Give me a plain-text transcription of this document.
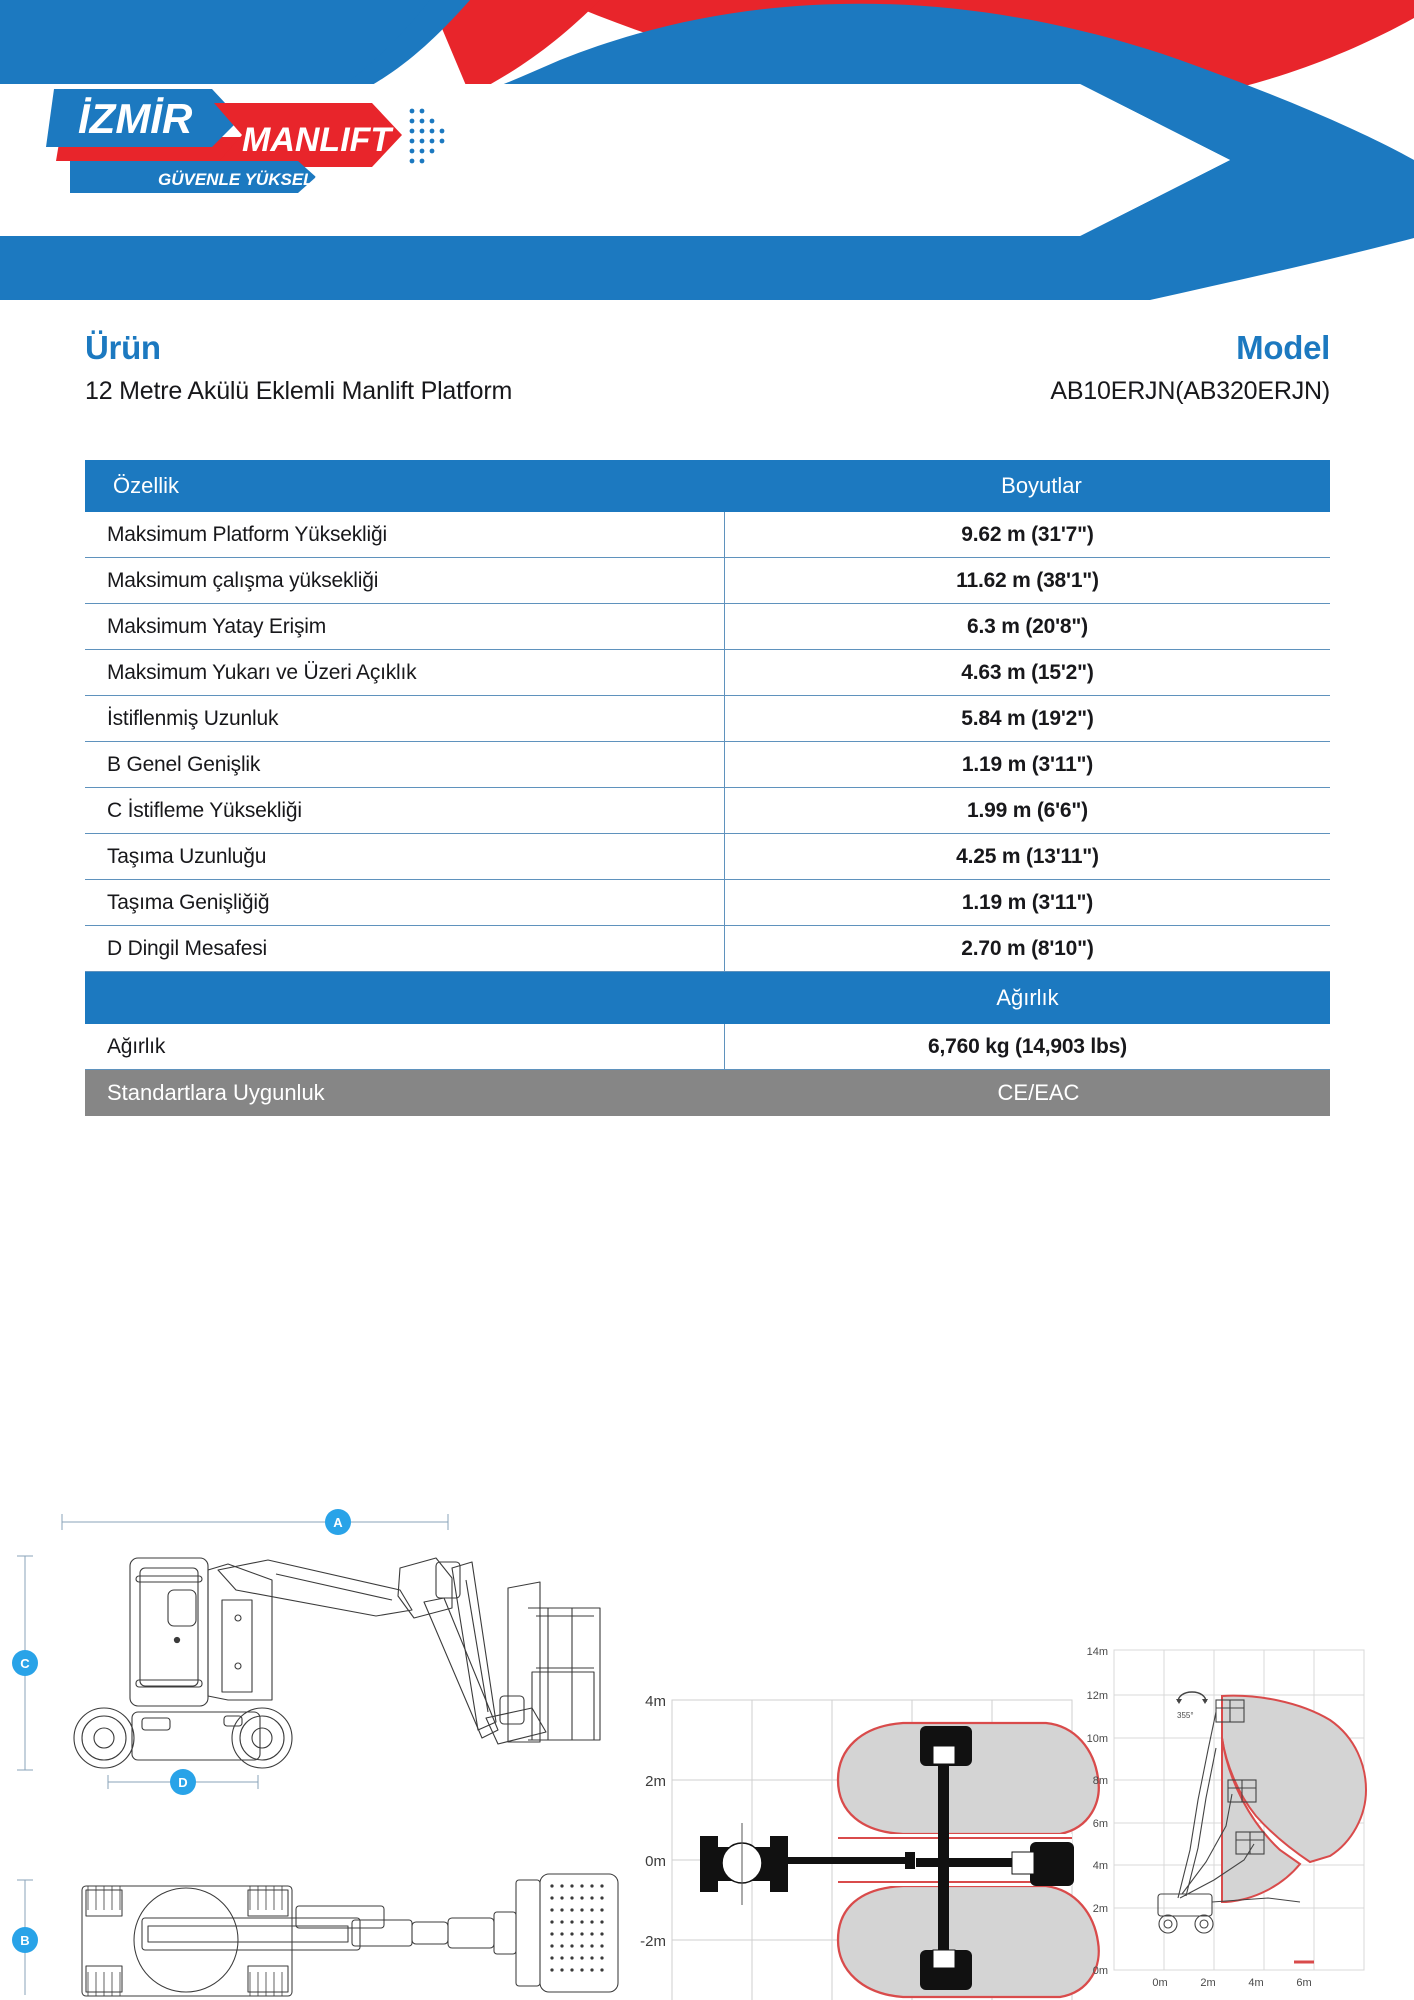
İZMİR MANLIFT
GÜVENLE YÜKSELİN
Ürün
12 Metre Akülü Eklemli Manlift Platform
Model
AB10ERJN(AB320ERJN)
Özellik	Boyutlar
Maksimum Platform Yüksekliği	9.62 m (31'7")
Maksimum çalışma yüksekliği	11.62 m (38'1")
Maksimum Yatay Erişim	6.3 m (20'8")
Maksimum Yukarı ve Üzeri Açıklık	4.63 m (15'2")
İstiflenmiş Uzunluk	5.84 m (19'2")
B Genel Genişlik	1.19 m (3'11")
C İstifleme Yüksekliği	1.99 m (6'6")
Taşıma Uzunluğu	4.25 m (13'11")
Taşıma Genişliğiğ	1.19 m (3'11")
D Dingil Mesafesi	2.70 m (8'10")
Ağırlık
Ağırlık	6,760 kg (14,903 lbs)
Standartlara Uygunluk	CE/EAC
A
C
D
B
4m
2m
0m
-2m
355°
14m
12m
10m
8m
6m
4m
2m
0m
0m	2m	4m	6m
